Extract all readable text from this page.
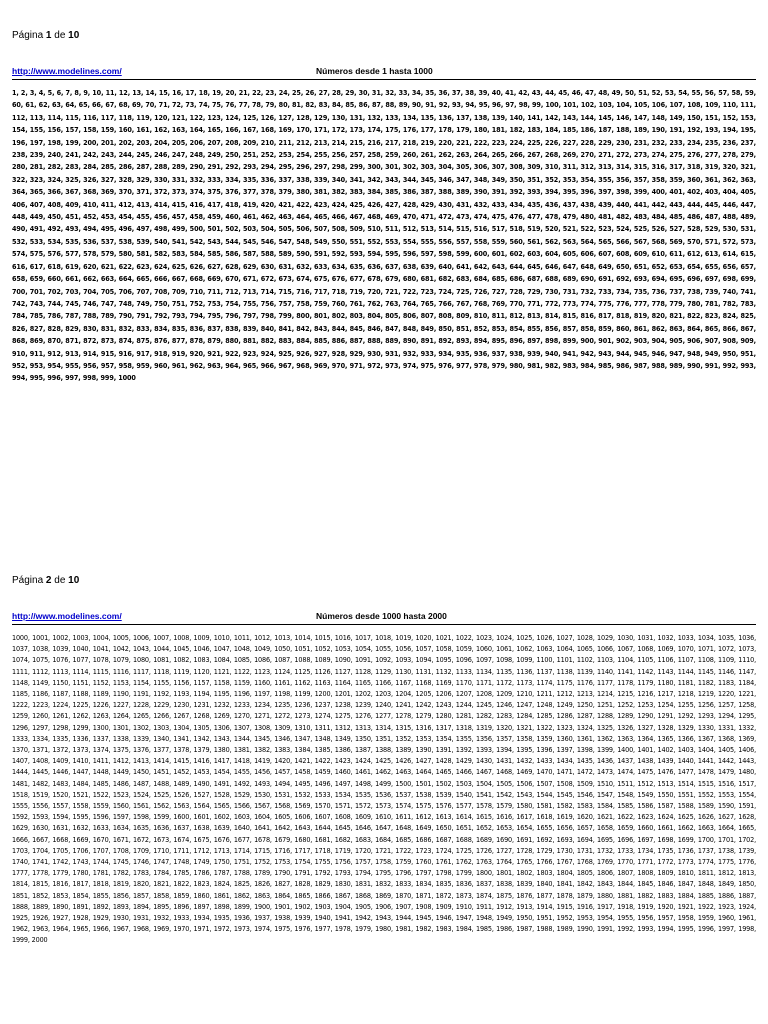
Página 1 de 10
http://www.modelines.com/	Números desde 1 hasta 1000
1, 2, 3, 4, 5, 6, 7, 8, 9, 10, 11, 12, 13, 14, 15, 16, 17, 18, 19, 20, 21, 22, 23, 24, 25, 26, 27, 28, 29, 30, 31, 32, 33, 34, 35, 36, 37, 38, 39, 40, 41, 42, 43, 44, 45, 46, 47, 48, 49, 50, 51, 52, 53, 54, 55, 56, 57, 58, 59, 60, 61, 62, 63, 64, 65, 66, 67, 68, 69, 70, 71, 72, 73, 74, 75, 76, 77, 78, 79, 80, 81, 82, 83, 84, 85, 86, 87, 88, 89, 90, 91, 92, 93, 94, 95, 96, 97, 98, 99, 100, 101, 102, 103, 104, 105, 106, 107, 108, 109, 110, 111, 112, 113, 114, 115, 116, 117, 118, 119, 120, 121, 122, 123, 124, 125, 126, 127, 128, 129, 130, 131, 132, 133, 134, 135, 136, 137, 138, 139, 140, 141, 142, 143, 144, 145, 146, 147, 148, 149, 150, 151, 152, 153, 154, 155, 156, 157, 158, 159, 160, 161, 162, 163, 164, 165, 166, 167, 168, 169, 170, 171, 172, 173, 174, 175, 176, 177, 178, 179, 180, 181, 182, 183, 184, 185, 186, 187, 188, 189, 190, 191, 192, 193, 194, 195, 196, 197, 198, 199, 200, 201, 202, 203, 204, 205, 206, 207, 208, 209, 210, 211, 212, 213, 214, 215, 216, 217, 218, 219, 220, 221, 222, 223, 224, 225, 226, 227, 228, 229, 230, 231, 232, 233, 234, 235, 236, 237, 238, 239, 240, 241, 242, 243, 244, 245, 246, 247, 248, 249, 250, 251, 252, 253, 254, 255, 256, 257, 258, 259, 260, 261, 262, 263, 264, 265, 266, 267, 268, 269, 270, 271, 272, 273, 274, 275, 276, 277, 278, 279, 280, 281, 282, 283, 284, 285, 286, 287, 288, 289, 290, 291, 292, 293, 294, 295, 296, 297, 298, 299, 300, 301, 302, 303, 304, 305, 306, 307, 308, 309, 310, 311, 312, 313, 314, 315, 316, 317, 318, 319, 320, 321, 322, 323, 324, 325, 326, 327, 328, 329, 330, 331, 332, 333, 334, 335, 336, 337, 338, 339, 340, 341, 342, 343, 344, 345, 346, 347, 348, 349, 350, 351, 352, 353, 354, 355, 356, 357, 358, 359, 360, 361, 362, 363, 364, 365, 366, 367, 368, 369, 370, 371, 372, 373, 374, 375, 376, 377, 378, 379, 380, 381, 382, 383, 384, 385, 386, 387, 388, 389, 390, 391, 392, 393, 394, 395, 396, 397, 398, 399, 400, 401, 402, 403, 404, 405, 406, 407, 408, 409, 410, 411, 412, 413, 414, 415, 416, 417, 418, 419, 420, 421, 422, 423, 424, 425, 426, 427, 428, 429, 430, 431, 432, 433, 434, 435, 436, 437, 438, 439, 440, 441, 442, 443, 444, 445, 446, 447, 448, 449, 450, 451, 452, 453, 454, 455, 456, 457, 458, 459, 460, 461, 462, 463, 464, 465, 466, 467, 468, 469, 470, 471, 472, 473, 474, 475, 476, 477, 478, 479, 480, 481, 482, 483, 484, 485, 486, 487, 488, 489, 490, 491, 492, 493, 494, 495, 496, 497, 498, 499, 500, 501, 502, 503, 504, 505, 506, 507, 508, 509, 510, 511, 512, 513, 514, 515, 516, 517, 518, 519, 520, 521, 522, 523, 524, 525, 526, 527, 528, 529, 530, 531, 532, 533, 534, 535, 536, 537, 538, 539, 540, 541, 542, 543, 544, 545, 546, 547, 548, 549, 550, 551, 552, 553, 554, 555, 556, 557, 558, 559, 560, 561, 562, 563, 564, 565, 566, 567, 568, 569, 570, 571, 572, 573, 574, 575, 576, 577, 578, 579, 580, 581, 582, 583, 584, 585, 586, 587, 588, 589, 590, 591, 592, 593, 594, 595, 596, 597, 598, 599, 600, 601, 602, 603, 604, 605, 606, 607, 608, 609, 610, 611, 612, 613, 614, 615, 616, 617, 618, 619, 620, 621, 622, 623, 624, 625, 626, 627, 628, 629, 630, 631, 632, 633, 634, 635, 636, 637, 638, 639, 640, 641, 642, 643, 644, 645, 646, 647, 648, 649, 650, 651, 652, 653, 654, 655, 656, 657, 658, 659, 660, 661, 662, 663, 664, 665, 666, 667, 668, 669, 670, 671, 672, 673, 674, 675, 676, 677, 678, 679, 680, 681, 682, 683, 684, 685, 686, 687, 688, 689, 690, 691, 692, 693, 694, 695, 696, 697, 698, 699, 700, 701, 702, 703, 704, 705, 706, 707, 708, 709, 710, 711, 712, 713, 714, 715, 716, 717, 718, 719, 720, 721, 722, 723, 724, 725, 726, 727, 728, 729, 730, 731, 732, 733, 734, 735, 736, 737, 738, 739, 740, 741, 742, 743, 744, 745, 746, 747, 748, 749, 750, 751, 752, 753, 754, 755, 756, 757, 758, 759, 760, 761, 762, 763, 764, 765, 766, 767, 768, 769, 770, 771, 772, 773, 774, 775, 776, 777, 778, 779, 780, 781, 782, 783, 784, 785, 786, 787, 788, 789, 790, 791, 792, 793, 794, 795, 796, 797, 798, 799, 800, 801, 802, 803, 804, 805, 806, 807, 808, 809, 810, 811, 812, 813, 814, 815, 816, 817, 818, 819, 820, 821, 822, 823, 824, 825, 826, 827, 828, 829, 830, 831, 832, 833, 834, 835, 836, 837, 838, 839, 840, 841, 842, 843, 844, 845, 846, 847, 848, 849, 850, 851, 852, 853, 854, 855, 856, 857, 858, 859, 860, 861, 862, 863, 864, 865, 866, 867, 868, 869, 870, 871, 872, 873, 874, 875, 876, 877, 878, 879, 880, 881, 882, 883, 884, 885, 886, 887, 888, 889, 890, 891, 892, 893, 894, 895, 896, 897, 898, 899, 900, 901, 902, 903, 904, 905, 906, 907, 908, 909, 910, 911, 912, 913, 914, 915, 916, 917, 918, 919, 920, 921, 922, 923, 924, 925, 926, 927, 928, 929, 930, 931, 932, 933, 934, 935, 936, 937, 938, 939, 940, 941, 942, 943, 944, 945, 946, 947, 948, 949, 950, 951, 952, 953, 954, 955, 956, 957, 958, 959, 960, 961, 962, 963, 964, 965, 966, 967, 968, 969, 970, 971, 972, 973, 974, 975, 976, 977, 978, 979, 980, 981, 982, 983, 984, 985, 986, 987, 988, 989, 990, 991, 992, 993, 994, 995, 996, 997, 998, 999, 1000
Página 2 de 10
http://www.modelines.com/	Números desde 1000 hasta 2000
1000, 1001, 1002, 1003, 1004, 1005, 1006, 1007, 1008, 1009, 1010, 1011, 1012, 1013, 1014, 1015, 1016, 1017, 1018, 1019, 1020, 1021, 1022, 1023, 1024, 1025, 1026, 1027, 1028, 1029, 1030, 1031, 1032, 1033, 1034, 1035, 1036, 1037, 1038, 1039, 1040, 1041, 1042, 1043, 1044, 1045, 1046, 1047, 1048, 1049, 1050, 1051, 1052, 1053, 1054, 1055, 1056, 1057, 1058, 1059, 1060, 1061, 1062, 1063, 1064, 1065, 1066, 1067, 1068, 1069, 1070, 1071, 1072, 1073, 1074, 1075, 1076, 1077, 1078, 1079, 1080, 1081, 1082, 1083, 1084, 1085, 1086, 1087, 1088, 1089, 1090, 1091, 1092, 1093, 1094, 1095, 1096, 1097, 1098, 1099, 1100, 1101, 1102, 1103, 1104, 1105, 1106, 1107, 1108, 1109, 1110, 1111, 1112, 1113, 1114, 1115, 1116, 1117, 1118, 1119, 1120, 1121, 1122, 1123, 1124, 1125, 1126, 1127, 1128, 1129, 1130, 1131, 1132, 1133, 1134, 1135, 1136, 1137, 1138, 1139, 1140, 1141, 1142, 1143, 1144, 1145, 1146, 1147, 1148, 1149, 1150, 1151, 1152, 1153, 1154, 1155, 1156, 1157, 1158, 1159, 1160, 1161, 1162, 1163, 1164, 1165, 1166, 1167, 1168, 1169, 1170, 1171, 1172, 1173, 1174, 1175, 1176, 1177, 1178, 1179, 1180, 1181, 1182, 1183, 1184, 1185, 1186, 1187, 1188, 1189, 1190, 1191, 1192, 1193, 1194, 1195, 1196, 1197, 1198, 1199, 1200, 1201, 1202, 1203, 1204, 1205, 1206, 1207, 1208, 1209, 1210, 1211, 1212, 1213, 1214, 1215, 1216, 1217, 1218, 1219, 1220, 1221, 1222, 1223, 1224, 1225, 1226, 1227, 1228, 1229, 1230, 1231, 1232, 1233, 1234, 1235, 1236, 1237, 1238, 1239, 1240, 1241, 1242, 1243, 1244, 1245, 1246, 1247, 1248, 1249, 1250, 1251, 1252, 1253, 1254, 1255, 1256, 1257, 1258, 1259, 1260, 1261, 1262, 1263, 1264, 1265, 1266, 1267, 1268, 1269, 1270, 1271, 1272, 1273, 1274, 1275, 1276, 1277, 1278, 1279, 1280, 1281, 1282, 1283, 1284, 1285, 1286, 1287, 1288, 1289, 1290, 1291, 1292, 1293, 1294, 1295, 1296, 1297, 1298, 1299, 1300, 1301, 1302, 1303, 1304, 1305, 1306, 1307, 1308, 1309, 1310, 1311, 1312, 1313, 1314, 1315, 1316, 1317, 1318, 1319, 1320, 1321, 1322, 1323, 1324, 1325, 1326, 1327, 1328, 1329, 1330, 1331, 1332, 1333, 1334, 1335, 1336, 1337, 1338, 1339, 1340, 1341, 1342, 1343, 1344, 1345, 1346, 1347, 1348, 1349, 1350, 1351, 1352, 1353, 1354, 1355, 1356, 1357, 1358, 1359, 1360, 1361, 1362, 1363, 1364, 1365, 1366, 1367, 1368, 1369, 1370, 1371, 1372, 1373, 1374, 1375, 1376, 1377, 1378, 1379, 1380, 1381, 1382, 1383, 1384, 1385, 1386, 1387, 1388, 1389, 1390, 1391, 1392, 1393, 1394, 1395, 1396, 1397, 1398, 1399, 1400, 1401, 1402, 1403, 1404, 1405, 1406, 1407, 1408, 1409, 1410, 1411, 1412, 1413, 1414, 1415, 1416, 1417, 1418, 1419, 1420, 1421, 1422, 1423, 1424, 1425, 1426, 1427, 1428, 1429, 1430, 1431, 1432, 1433, 1434, 1435, 1436, 1437, 1438, 1439, 1440, 1441, 1442, 1443, 1444, 1445, 1446, 1447, 1448, 1449, 1450, 1451, 1452, 1453, 1454, 1455, 1456, 1457, 1458, 1459, 1460, 1461, 1462, 1463, 1464, 1465, 1466, 1467, 1468, 1469, 1470, 1471, 1472, 1473, 1474, 1475, 1476, 1477, 1478, 1479, 1480, 1481, 1482, 1483, 1484, 1485, 1486, 1487, 1488, 1489, 1490, 1491, 1492, 1493, 1494, 1495, 1496, 1497, 1498, 1499, 1500, 1501, 1502, 1503, 1504, 1505, 1506, 1507, 1508, 1509, 1510, 1511, 1512, 1513, 1514, 1515, 1516, 1517, 1518, 1519, 1520, 1521, 1522, 1523, 1524, 1525, 1526, 1527, 1528, 1529, 1530, 1531, 1532, 1533, 1534, 1535, 1536, 1537, 1538, 1539, 1540, 1541, 1542, 1543, 1544, 1545, 1546, 1547, 1548, 1549, 1550, 1551, 1552, 1553, 1554, 1555, 1556, 1557, 1558, 1559, 1560, 1561, 1562, 1563, 1564, 1565, 1566, 1567, 1568, 1569, 1570, 1571, 1572, 1573, 1574, 1575, 1576, 1577, 1578, 1579, 1580, 1581, 1582, 1583, 1584, 1585, 1586, 1587, 1588, 1589, 1590, 1591, 1592, 1593, 1594, 1595, 1596, 1597, 1598, 1599, 1600, 1601, 1602, 1603, 1604, 1605, 1606, 1607, 1608, 1609, 1610, 1611, 1612, 1613, 1614, 1615, 1616, 1617, 1618, 1619, 1620, 1621, 1622, 1623, 1624, 1625, 1626, 1627, 1628, 1629, 1630, 1631, 1632, 1633, 1634, 1635, 1636, 1637, 1638, 1639, 1640, 1641, 1642, 1643, 1644, 1645, 1646, 1647, 1648, 1649, 1650, 1651, 1652, 1653, 1654, 1655, 1656, 1657, 1658, 1659, 1660, 1661, 1662, 1663, 1664, 1665, 1666, 1667, 1668, 1669, 1670, 1671, 1672, 1673, 1674, 1675, 1676, 1677, 1678, 1679, 1680, 1681, 1682, 1683, 1684, 1685, 1686, 1687, 1688, 1689, 1690, 1691, 1692, 1693, 1694, 1695, 1696, 1697, 1698, 1699, 1700, 1701, 1702, 1703, 1704, 1705, 1706, 1707, 1708, 1709, 1710, 1711, 1712, 1713, 1714, 1715, 1716, 1717, 1718, 1719, 1720, 1721, 1722, 1723, 1724, 1725, 1726, 1727, 1728, 1729, 1730, 1731, 1732, 1733, 1734, 1735, 1736, 1737, 1738, 1739, 1740, 1741, 1742, 1743, 1744, 1745, 1746, 1747, 1748, 1749, 1750, 1751, 1752, 1753, 1754, 1755, 1756, 1757, 1758, 1759, 1760, 1761, 1762, 1763, 1764, 1765, 1766, 1767, 1768, 1769, 1770, 1771, 1772, 1773, 1774, 1775, 1776, 1777, 1778, 1779, 1780, 1781, 1782, 1783, 1784, 1785, 1786, 1787, 1788, 1789, 1790, 1791, 1792, 1793, 1794, 1795, 1796, 1797, 1798, 1799, 1800, 1801, 1802, 1803, 1804, 1805, 1806, 1807, 1808, 1809, 1810, 1811, 1812, 1813, 1814, 1815, 1816, 1817, 1818, 1819, 1820, 1821, 1822, 1823, 1824, 1825, 1826, 1827, 1828, 1829, 1830, 1831, 1832, 1833, 1834, 1835, 1836, 1837, 1838, 1839, 1840, 1841, 1842, 1843, 1844, 1845, 1846, 1847, 1848, 1849, 1850, 1851, 1852, 1853, 1854, 1855, 1856, 1857, 1858, 1859, 1860, 1861, 1862, 1863, 1864, 1865, 1866, 1867, 1868, 1869, 1870, 1871, 1872, 1873, 1874, 1875, 1876, 1877, 1878, 1879, 1880, 1881, 1882, 1883, 1884, 1885, 1886, 1887, 1888, 1889, 1890, 1891, 1892, 1893, 1894, 1895, 1896, 1897, 1898, 1899, 1900, 1901, 1902, 1903, 1904, 1905, 1906, 1907, 1908, 1909, 1910, 1911, 1912, 1913, 1914, 1915, 1916, 1917, 1918, 1919, 1920, 1921, 1922, 1923, 1924, 1925, 1926, 1927, 1928, 1929, 1930, 1931, 1932, 1933, 1934, 1935, 1936, 1937, 1938, 1939, 1940, 1941, 1942, 1943, 1944, 1945, 1946, 1947, 1948, 1949, 1950, 1951, 1952, 1953, 1954, 1955, 1956, 1957, 1958, 1959, 1960, 1961, 1962, 1963, 1964, 1965, 1966, 1967, 1968, 1969, 1970, 1971, 1972, 1973, 1974, 1975, 1976, 1977, 1978, 1979, 1980, 1981, 1982, 1983, 1984, 1985, 1986, 1987, 1988, 1989, 1990, 1991, 1992, 1993, 1994, 1995, 1996, 1997, 1998, 1999, 2000
